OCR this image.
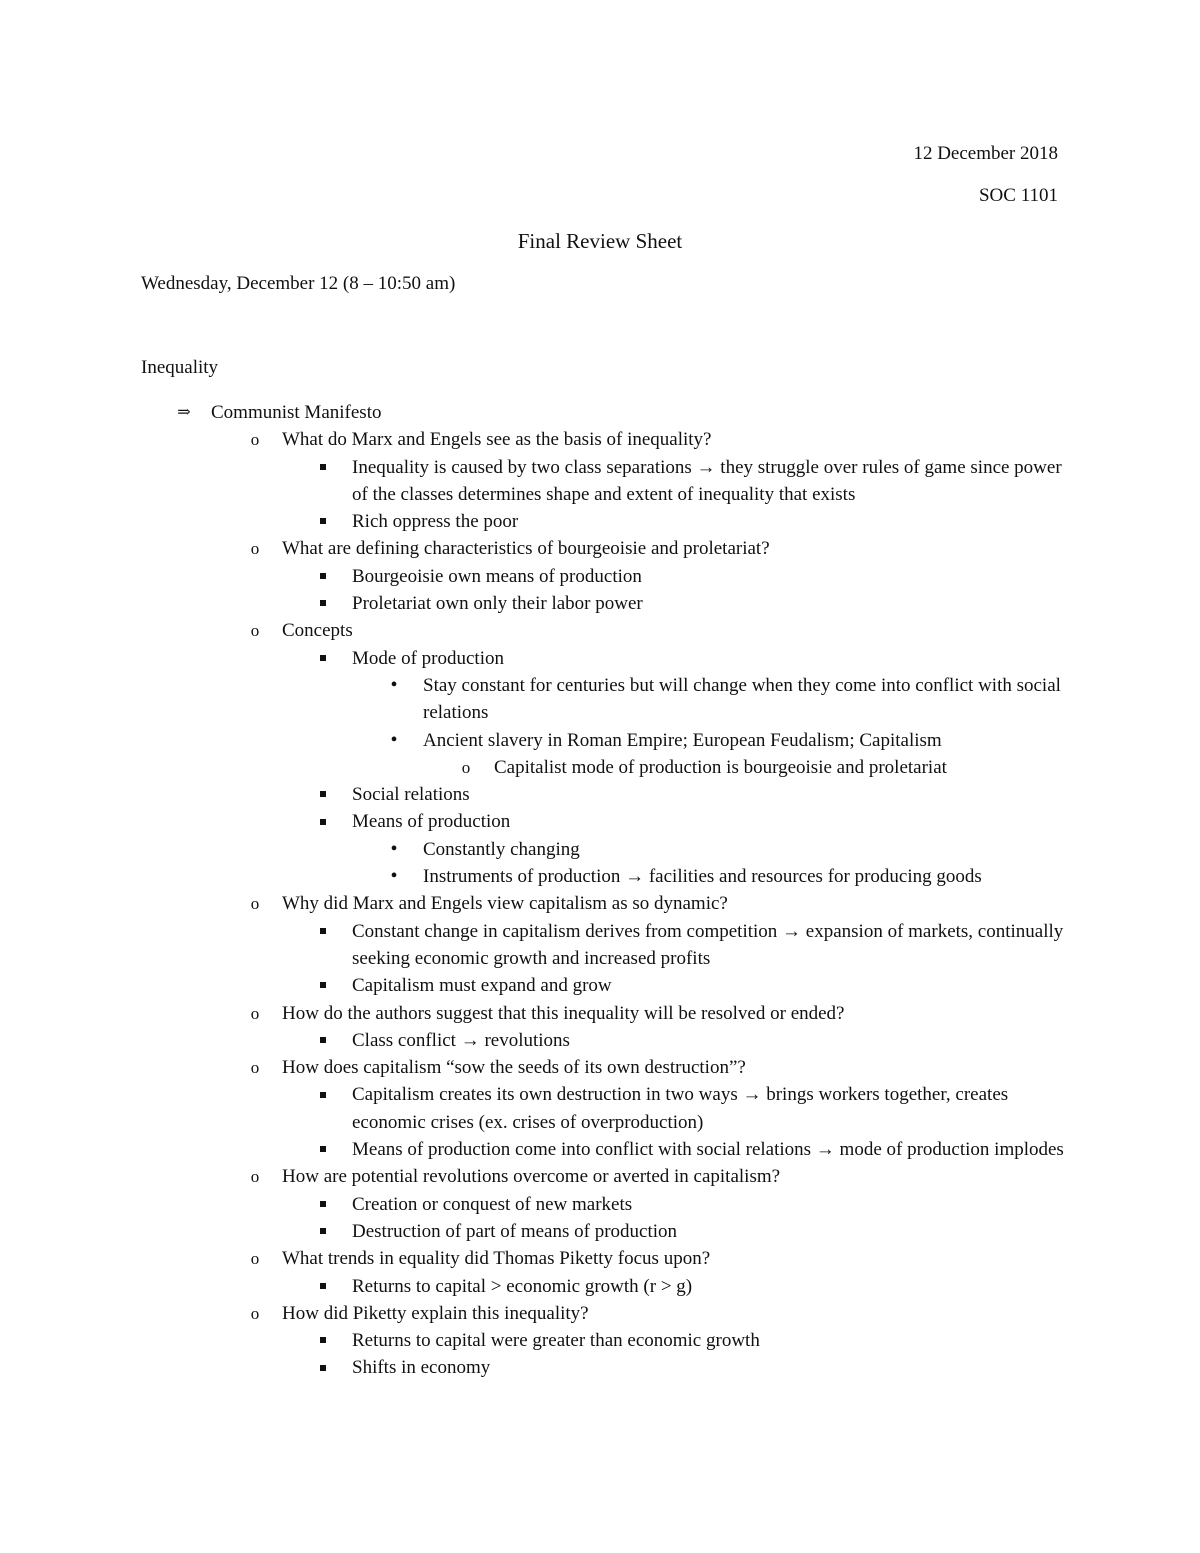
12 December 2018
SOC 1101
Final Review Sheet
Wednesday, December 12 (8 – 10:50 am)
Inequality
⇒ Communist Manifesto
o What do Marx and Engels see as the basis of inequality?
Inequality is caused by two class separations → they struggle over rules of game since power of the classes determines shape and extent of inequality that exists
Rich oppress the poor
o What are defining characteristics of bourgeoisie and proletariat?
Bourgeoisie own means of production
Proletariat own only their labor power
o Concepts
Mode of production
• Stay constant for centuries but will change when they come into conflict with social relations
• Ancient slavery in Roman Empire; European Feudalism; Capitalism
o Capitalist mode of production is bourgeoisie and proletariat
Social relations
Means of production
• Constantly changing
• Instruments of production → facilities and resources for producing goods
o Why did Marx and Engels view capitalism as so dynamic?
Constant change in capitalism derives from competition → expansion of markets, continually seeking economic growth and increased profits
Capitalism must expand and grow
o How do the authors suggest that this inequality will be resolved or ended?
Class conflict → revolutions
o How does capitalism “sow the seeds of its own destruction”?
Capitalism creates its own destruction in two ways → brings workers together, creates economic crises (ex. crises of overproduction)
Means of production come into conflict with social relations → mode of production implodes
o How are potential revolutions overcome or averted in capitalism?
Creation or conquest of new markets
Destruction of part of means of production
o What trends in equality did Thomas Piketty focus upon?
Returns to capital > economic growth (r > g)
o How did Piketty explain this inequality?
Returns to capital were greater than economic growth
Shifts in economy
